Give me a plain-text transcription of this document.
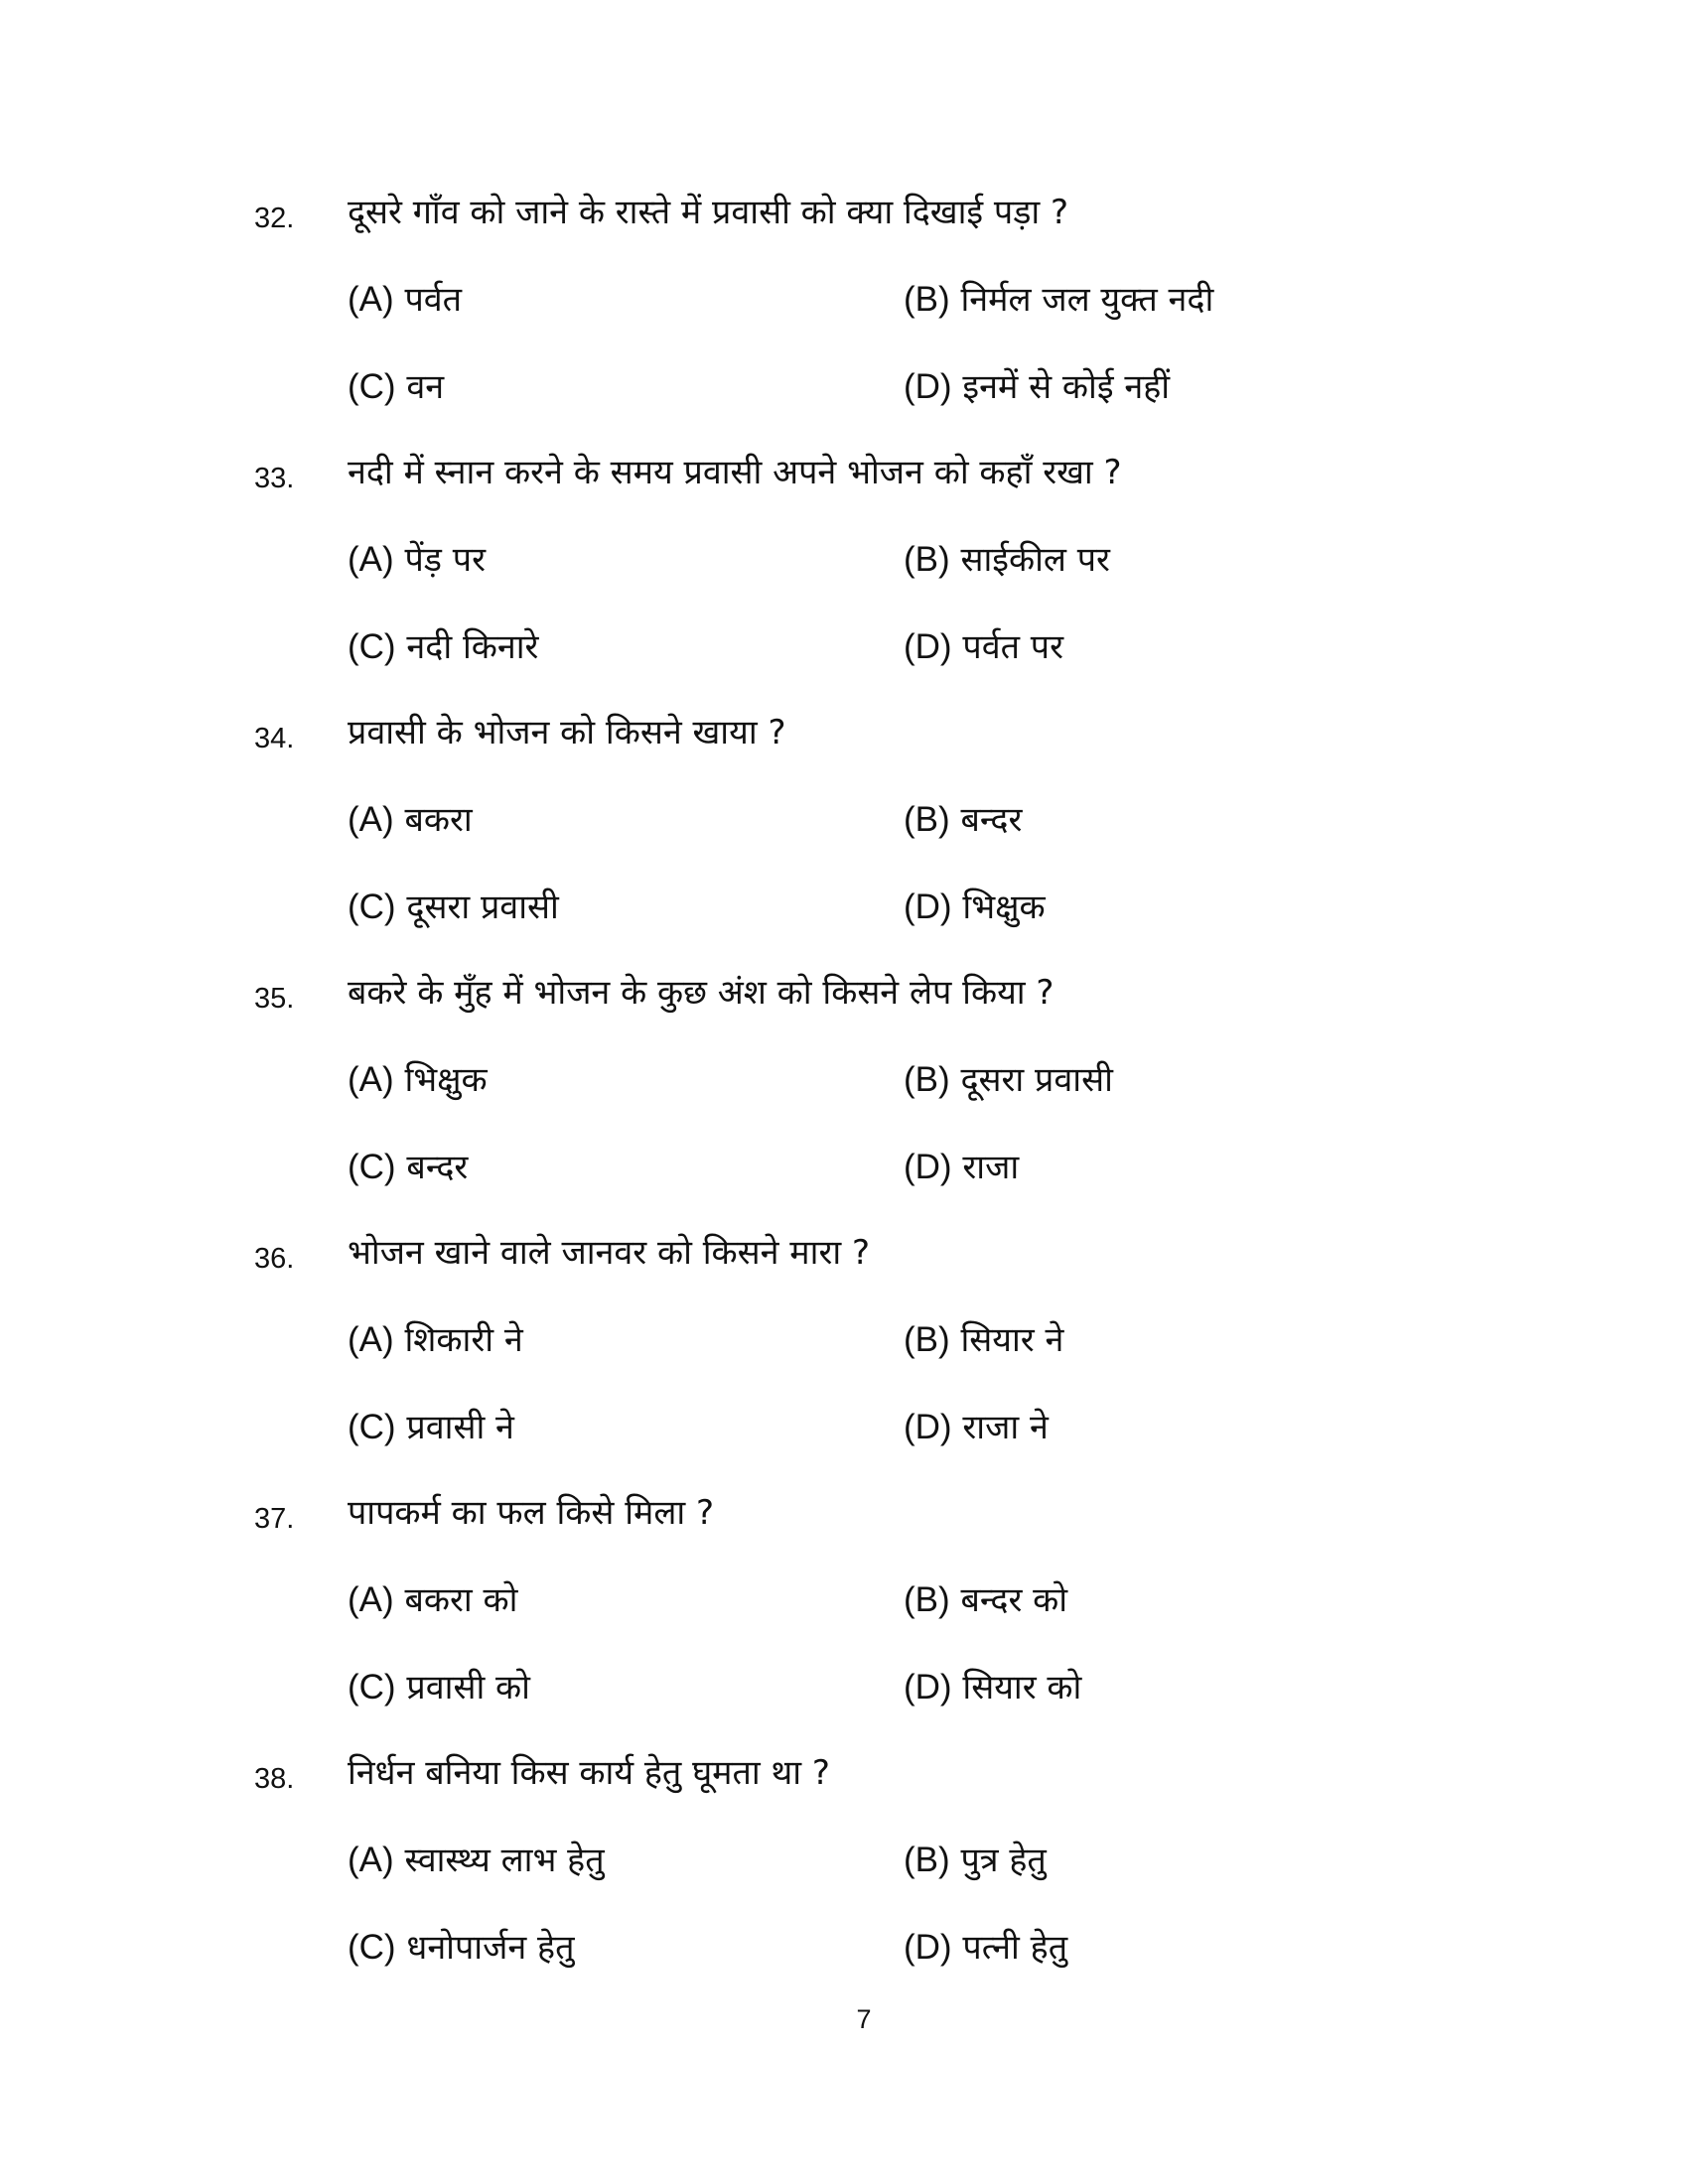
32. दूसरे गाँव को जाने के रास्ते में प्रवासी को क्या दिखाई पड़ा ?
(A) पर्वत	(B) निर्मल जल युक्त नदी
(C) वन	(D) इनमें से कोई नहीं
33. नदी में स्नान करने के समय प्रवासी अपने भोजन को कहाँ रखा ?
(A) पेंड़ पर	(B) साईकील पर
(C) नदी किनारे	(D) पर्वत पर
34. प्रवासी के भोजन को किसने खाया ?
(A) बकरा	(B) बन्दर
(C) दूसरा प्रवासी	(D) भिक्षुक
35. बकरे के मुँह में भोजन के कुछ अंश को किसने लेप किया ?
(A) भिक्षुक	(B) दूसरा प्रवासी
(C) बन्दर	(D) राजा
36. भोजन खाने वाले जानवर को किसने मारा ?
(A) शिकारी ने	(B) सियार ने
(C) प्रवासी ने	(D) राजा ने
37. पापकर्म का फल किसे मिला ?
(A) बकरा को	(B) बन्दर को
(C) प्रवासी को	(D) सियार को
38. निर्धन बनिया किस कार्य हेतु घूमता था ?
(A) स्वास्थ्य लाभ हेतु	(B) पुत्र हेतु
(C) धनोपार्जन हेतु	(D) पत्नी हेतु
7
